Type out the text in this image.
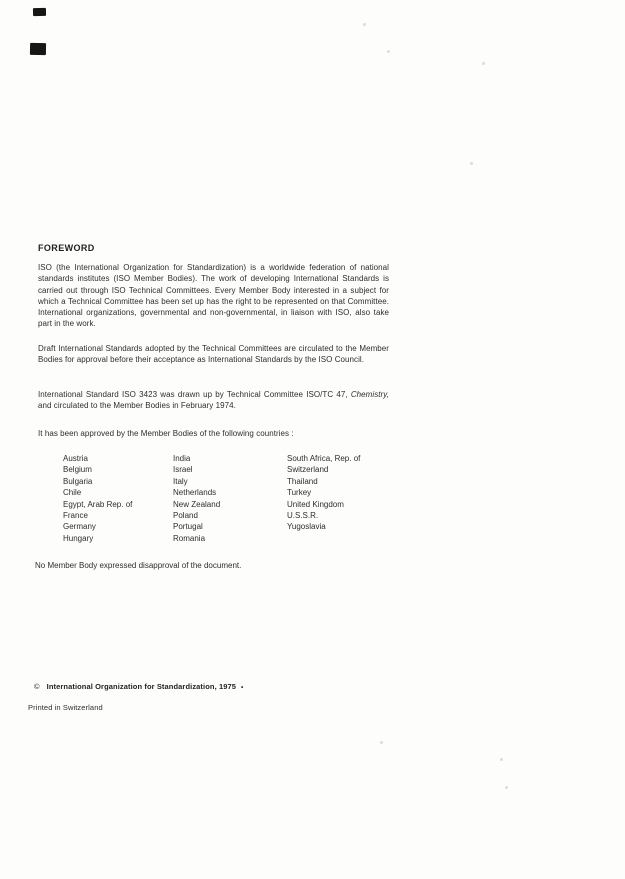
FOREWORD

ISO (the International Organization for Standardization) is a worldwide federation of national standards institutes (ISO Member Bodies). The work of developing International Standards is carried out through ISO Technical Committees. Every Member Body interested in a subject for which a Technical Committee has been set up has the right to be represented on that Committee. International organizations, governmental and non-governmental, in liaison with ISO, also take part in the work.

Draft International Standards adopted by the Technical Committees are circulated to the Member Bodies for approval before their acceptance as International Standards by the ISO Council.

International Standard ISO 3423 was drawn up by Technical Committee ISO/TC 47, Chemistry, and circulated to the Member Bodies in February 1974.

It has been approved by the Member Bodies of the following countries :

Austria
Belgium
Bulgaria
Chile
Egypt, Arab Rep. of
France
Germany
Hungary
India
Israel
Italy
Netherlands
New Zealand
Poland
Portugal
Romania
South Africa, Rep. of
Switzerland
Thailand
Turkey
United Kingdom
U.S.S.R.
Yugoslavia

No Member Body expressed disapproval of the document.

© International Organization for Standardization, 1975 •
Printed in Switzerland
